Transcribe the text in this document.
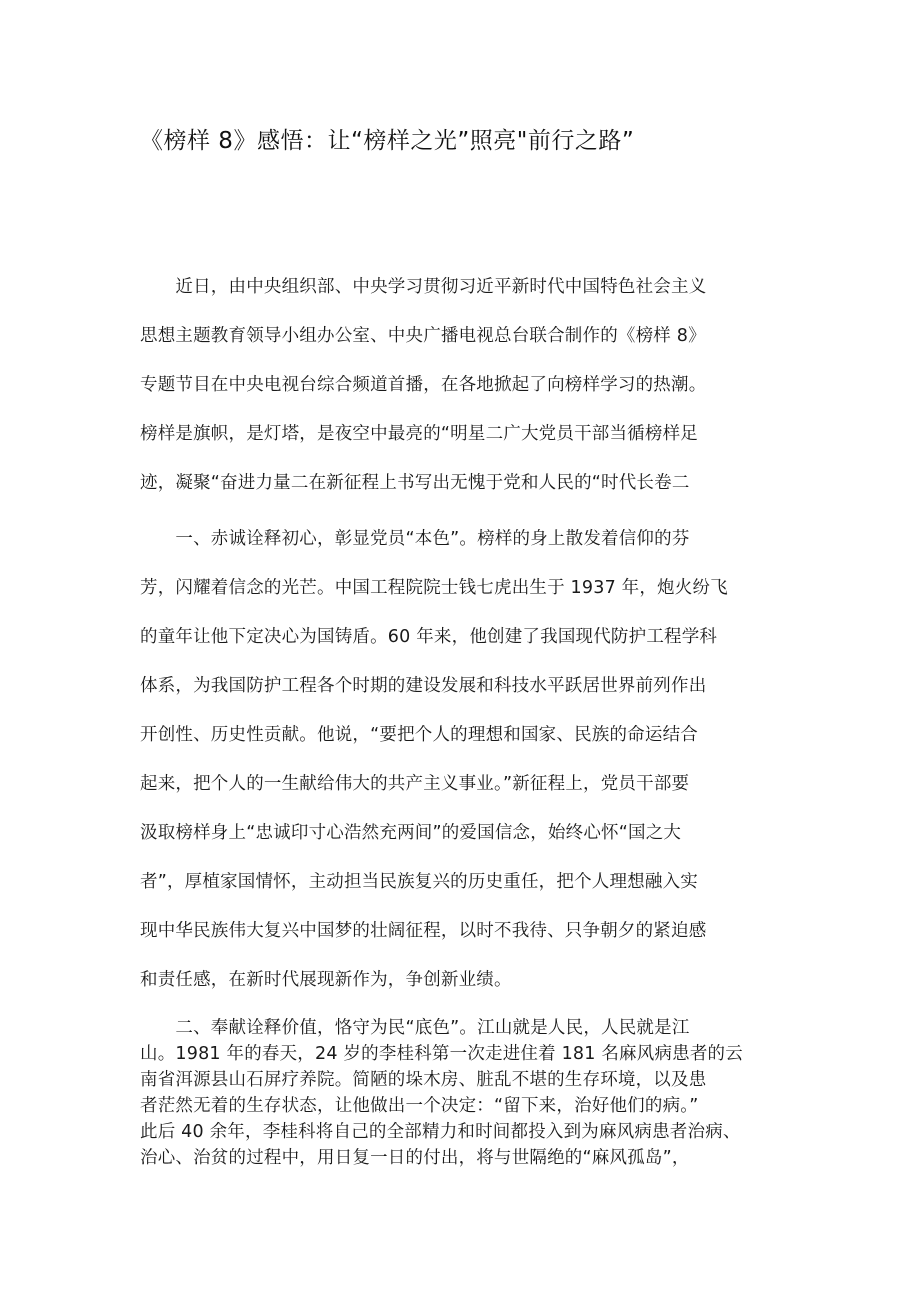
《榜样 8》感悟：让“榜样之光”照亮"前行之路”
　　近日，由中央组织部、中央学习贯彻习近平新时代中国特色社会主义
思想主题教育领导小组办公室、中央广播电视总台联合制作的《榜样 8》
专题节目在中央电视台综合频道首播，在各地掀起了向榜样学习的热潮。
榜样是旗帜，是灯塔，是夜空中最亮的“明星二广大党员干部当循榜样足
迹，凝聚“奋进力量二在新征程上书写出无愧于党和人民的“时代长卷二
　　一、赤诚诠释初心，彰显党员“本色”。榜样的身上散发着信仰的芬
芳，闪耀着信念的光芒。中国工程院院士钱七虎出生于 1937 年，炮火纷飞
的童年让他下定决心为国铸盾。60 年来，他创建了我国现代防护工程学科
体系，为我国防护工程各个时期的建设发展和科技水平跃居世界前列作出
开创性、历史性贡献。他说，“要把个人的理想和国家、民族的命运结合
起来，把个人的一生献给伟大的共产主义事业。”新征程上，党员干部要
汲取榜样身上“忠诚印寸心浩然充两间”的爱国信念，始终心怀“国之大
者”，厚植家国情怀，主动担当民族复兴的历史重任，把个人理想融入实
现中华民族伟大复兴中国梦的壮阔征程，以时不我待、只争朝夕的紧迫感
和责任感，在新时代展现新作为，争创新业绩。
　　二、奉献诠释价值，恪守为民“底色”。江山就是人民，人民就是江
山。1981 年的春天，24 岁的李桂科第一次走进住着 181 名麻风病患者的云
南省洱源县山石屏疗养院。简陋的垛木房、脏乱不堪的生存环境，以及患
者茫然无着的生存状态，让他做出一个决定：“留下来，治好他们的病。”
此后 40 余年，李桂科将自己的全部精力和时间都投入到为麻风病患者治病、
治心、治贫的过程中，用日复一日的付出，将与世隔绝的“麻风孤岛”，
